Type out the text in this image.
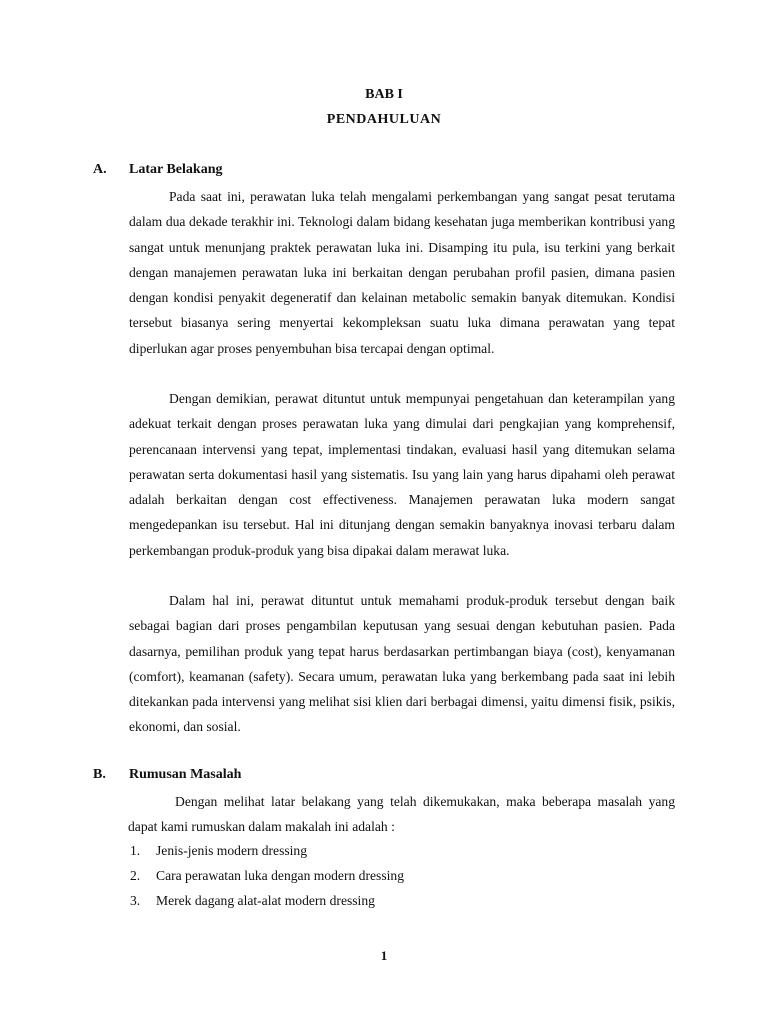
BAB I
PENDAHULUAN
A. Latar Belakang

Pada saat ini, perawatan luka telah mengalami perkembangan yang sangat pesat terutama dalam dua dekade terakhir ini. Teknologi dalam bidang kesehatan juga memberikan kontribusi yang sangat untuk menunjang praktek perawatan luka ini. Disamping itu pula, isu terkini yang berkait dengan manajemen perawatan luka ini berkaitan dengan perubahan profil pasien, dimana pasien dengan kondisi penyakit degeneratif dan kelainan metabolic semakin banyak ditemukan. Kondisi tersebut biasanya sering menyertai kekompleksan suatu luka dimana perawatan yang tepat diperlukan agar proses penyembuhan bisa tercapai dengan optimal.

Dengan demikian, perawat dituntut untuk mempunyai pengetahuan dan keterampilan yang adekuat terkait dengan proses perawatan luka yang dimulai dari pengkajian yang komprehensif, perencanaan intervensi yang tepat, implementasi tindakan, evaluasi hasil yang ditemukan selama perawatan serta dokumentasi hasil yang sistematis. Isu yang lain yang harus dipahami oleh perawat adalah berkaitan dengan cost effectiveness. Manajemen perawatan luka modern sangat mengedepankan isu tersebut. Hal ini ditunjang dengan semakin banyaknya inovasi terbaru dalam perkembangan produk-produk yang bisa dipakai dalam merawat luka.

Dalam hal ini, perawat dituntut untuk memahami produk-produk tersebut dengan baik sebagai bagian dari proses pengambilan keputusan yang sesuai dengan kebutuhan pasien. Pada dasarnya, pemilihan produk yang tepat harus berdasarkan pertimbangan biaya (cost), kenyamanan (comfort), keamanan (safety). Secara umum, perawatan luka yang berkembang pada saat ini lebih ditekankan pada intervensi yang melihat sisi klien dari berbagai dimensi, yaitu dimensi fisik, psikis, ekonomi, dan sosial.

B. Rumusan Masalah

Dengan melihat latar belakang yang telah dikemukakan, maka beberapa masalah yang dapat kami rumuskan dalam makalah ini adalah :

1. Jenis-jenis modern dressing
2. Cara perawatan luka dengan modern dressing
3. Merek dagang alat-alat modern dressing
1
